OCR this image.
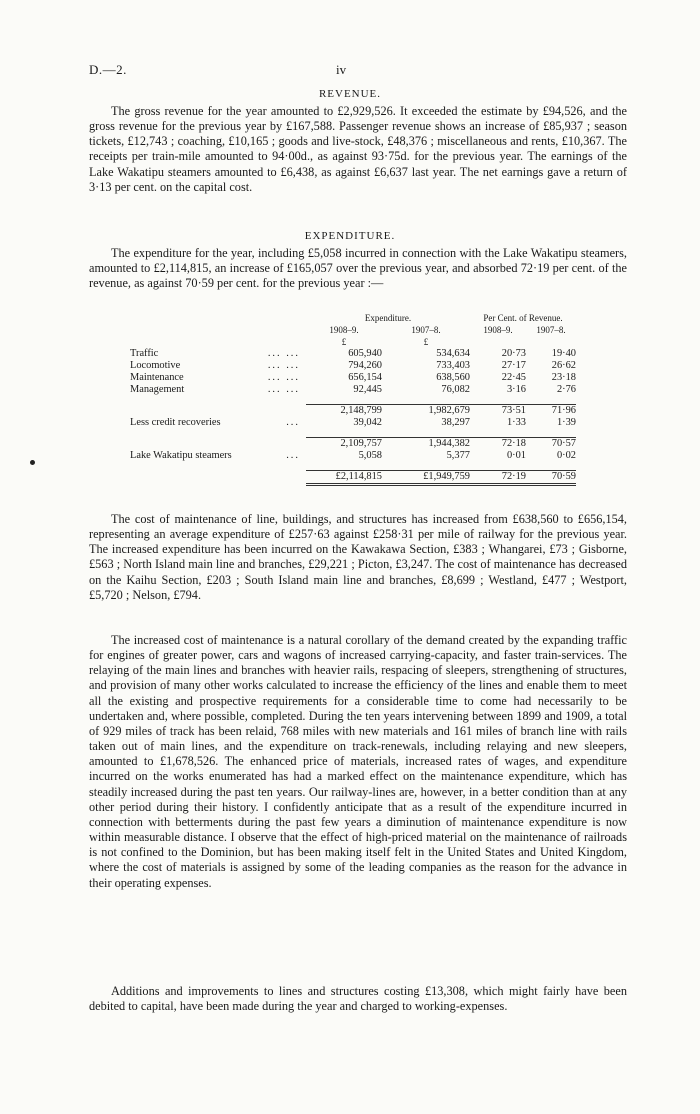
D.—2.	iv
REVENUE.
The gross revenue for the year amounted to £2,929,526. It exceeded the estimate by £94,526, and the gross revenue for the previous year by £167,588. Passenger revenue shows an increase of £85,937 ; season tickets, £12,743 ; coaching, £10,165 ; goods and live-stock, £48,376 ; miscellaneous and rents, £10,367. The receipts per train-mile amounted to 94·00d., as against 93·75d. for the previous year. The earnings of the Lake Wakatipu steamers amounted to £6,438, as against £6,637 last year. The net earnings gave a return of 3·13 per cent. on the capital cost.
EXPENDITURE.
The expenditure for the year, including £5,058 incurred in connection with the Lake Wakatipu steamers, amounted to £2,114,815, an increase of £165,057 over the previous year, and absorbed 72·19 per cent. of the revenue, as against 70·59 per cent. for the previous year :—
		Expenditure.		Per Cent. of Revenue.	
		1908–9.	1907–8.	1908–9.	1907–8.
		£	£		
Traffic	... ...	605,940	534,634	20·73	19·40
Locomotive	... ...	794,260	733,403	27·17	26·62
Maintenance	... ...	656,154	638,560	22·45	23·18
Management	... ...	92,445	76,082	3·16	2·76

		2,148,799	1,982,679	73·51	71·96
Less credit recoveries	...	39,042	38,297	1·33	1·39

		2,109,757	1,944,382	72·18	70·57
Lake Wakatipu steamers	...	5,058	5,377	0·01	0·02

		£2,114,815	£1,949,759	72·19	70·59
The cost of maintenance of line, buildings, and structures has increased from £638,560 to £656,154, representing an average expenditure of £257·63 against £258·31 per mile of railway for the previous year. The increased expenditure has been incurred on the Kawakawa Section, £383 ; Whangarei, £73 ; Gisborne, £563 ; North Island main line and branches, £29,221 ; Picton, £3,247. The cost of maintenance has decreased on the Kaihu Section, £203 ; South Island main line and branches, £8,699 ; Westland, £477 ; Westport, £5,720 ; Nelson, £794.
The increased cost of maintenance is a natural corollary of the demand created by the expanding traffic for engines of greater power, cars and wagons of increased carrying-capacity, and faster train-services. The relaying of the main lines and branches with heavier rails, respacing of sleepers, strengthening of structures, and provision of many other works calculated to increase the efficiency of the lines and enable them to meet all the existing and prospective requirements for a considerable time to come had necessarily to be undertaken and, where possible, completed. During the ten years intervening between 1899 and 1909, a total of 929 miles of track has been relaid, 768 miles with new materials and 161 miles of branch line with rails taken out of main lines, and the expenditure on track-renewals, including relaying and new sleepers, amounted to £1,678,526. The enhanced price of materials, increased rates of wages, and expenditure incurred on the works enumerated has had a marked effect on the maintenance expenditure, which has steadily increased during the past ten years. Our railway-lines are, however, in a better condition than at any other period during their history. I confidently anticipate that as a result of the expenditure incurred in connection with betterments during the past few years a diminution of maintenance expenditure is now within measurable distance. I observe that the effect of high-priced material on the maintenance of railroads is not confined to the Dominion, but has been making itself felt in the United States and United Kingdom, where the cost of materials is assigned by some of the leading companies as the reason for the advance in their operating expenses.
Additions and improvements to lines and structures costing £13,308, which might fairly have been debited to capital, have been made during the year and charged to working-expenses.
